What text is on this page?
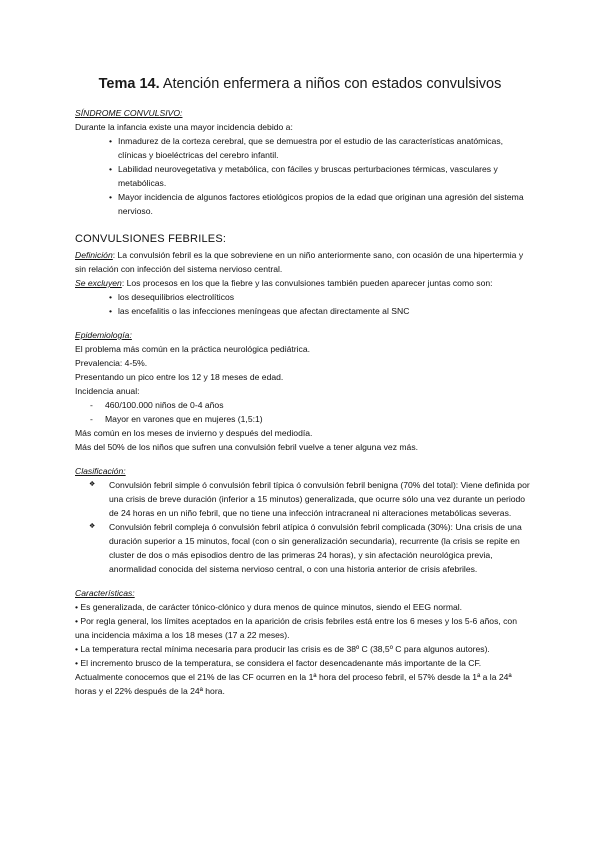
Tema 14. Atención enfermera a niños con estados convulsivos

SÍNDROME CONVULSIVO:

Durante la infancia existe una mayor incidencia debido a:

• Inmadurez de la corteza cerebral, que se demuestra por el estudio de las características anatómicas, clínicas y bioeléctricas del cerebro infantil.

• Labilidad neurovegetativa y metabólica, con fáciles y bruscas perturbaciones térmicas, vasculares y metabólicas.

• Mayor incidencia de algunos factores etiológicos propios de la edad que originan una agresión del sistema nervioso.

CONVULSIONES FEBRILES:

Definición: La convulsión febril es la que sobreviene en un niño anteriormente sano, con ocasión de una hipertermia y sin relación con infección del sistema nervioso central.

Se excluyen: Los procesos en los que la fiebre y las convulsiones también pueden aparecer juntas como son:

• los desequilibrios electrolíticos

• las encefalitis o las infecciones meníngeas que afectan directamente al SNC

Epidemiología:

El problema más común en la práctica neurológica pediátrica.

Prevalencia: 4-5%.

Presentando un pico entre los 12 y 18 meses de edad.

Incidencia anual:

- 460/100.000 niños de 0-4 años

- Mayor en varones que en mujeres (1,5:1)

Más común en los meses de invierno y después del mediodía.

Más del 50% de los niños que sufren una convulsión febril vuelve a tener alguna vez más.

Clasificación:

❖ Convulsión febril simple ó convulsión febril típica ó convulsión febril benigna (70% del total): Viene definida por una crisis de breve duración (inferior a 15 minutos) generalizada, que ocurre sólo una vez durante un periodo de 24 horas en un niño febril, que no tiene una infección intracraneal ni alteraciones metabólicas severas.
❖ Convulsión febril compleja ó convulsión febril atípica ó convulsión febril complicada (30%): Una crisis de una duración superior a 15 minutos, focal (con o sin generalización secundaria), recurrente (la crisis se repite en cluster de dos o más episodios dentro de las primeras 24 horas), y sin afectación neurológica previa, anormalidad conocida del sistema nervioso central, o con una historia anterior de crisis afebriles.

Características:

• Es generalizada, de carácter tónico-clónico y dura menos de quince minutos, siendo el EEG normal.

• Por regla general, los límites aceptados en la aparición de crisis febriles está entre los 6 meses y los 5-6 años, con una incidencia máxima a los 18 meses (17 a 22 meses).

• La temperatura rectal mínima necesaria para producir las crisis es de 38º C (38,5º C para algunos autores).

• El incremento brusco de la temperatura, se considera el factor desencadenante más importante de la CF. Actualmente conocemos que el 21% de las CF ocurren en la 1ª hora del proceso febril, el 57% desde la 1ª a la 24ª horas y el 22% después de la 24ª hora.
